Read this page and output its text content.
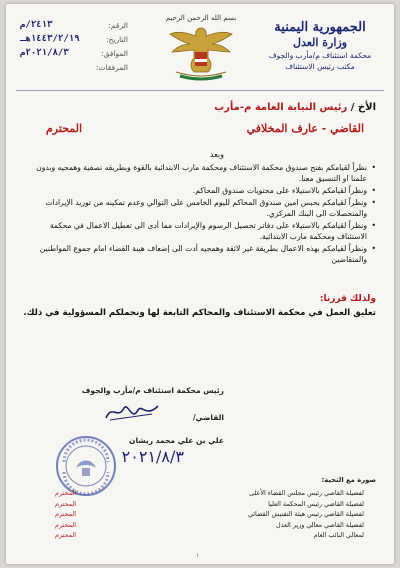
الجمهورية اليمنية
وزارة العدل
محكمة استئناف م/مأرب والجوف
مكتب رئيس الاستئناف
بسم الله الرحمن الرحيم
الرقم:
٢٤١٣/م
التاريخ:
١٤٤٣/٢/١٩هـ
الموافق:
٢٠٢١/٨/٣م
المرفقات:
الأخ / رئيس النيابة العامة م-مأرب
القاضي - عارف المخلافي
المحترم
وبعد
• نظراً لقيامكم بفتح صندوق محكمة الاستئناف ومحكمة مارب الابتدائية بالقوة وبطريقه تصفية وهمجيه وبدون علمنا او التنسيق معنا.
• ونظراً لقيامكم بالاستيلاء على محتويات صندوق المحاكم.
• ونظراً لقيامكم بحبس امين صندوق المحاكم لليوم الخامس على التوالي وعدم تمكينه من توريد الإيرادات والمتحصلات الى البنك المركزي.
• ونظراً لقيامكم بالاستيلاء على دفاتر تحصيل الرسوم والإيرادات مما أدى الى تعطيل الاعمال في محكمة الاستئناف ومحكمة مارب الابتدائية.
• ونظراً لقيامكم بهذه الاعمال بطريقة غير لائقة وهمجيه أدت الى إضعاف هيبة القضاء امام جموع المواطنين والمتقاضين
ولذلك قررنا:
تعليق العمل في محكمة الاستئناف والمحاكم التابعة لها ونحملكم المسؤولية في ذلك.
رئيس محكمة استئناف م/مأرب والجوف
القاضي/
علي بن علي محمد ريشان
٢٠٢١/٨/٣
صورة مع التحية:
لفضيلة القاضي رئيس مجلس القضاء الأعلى
لفضيلة القاضي رئيس المحكمة العليا
لفضيلة القاضي رئيس هيئة التفتيش القضائي
لفضيلة القاضي معالي وزير العدل
لمعالي النائب العام
المحترم
المحترم
المحترم
المحترم
المحترم
١
